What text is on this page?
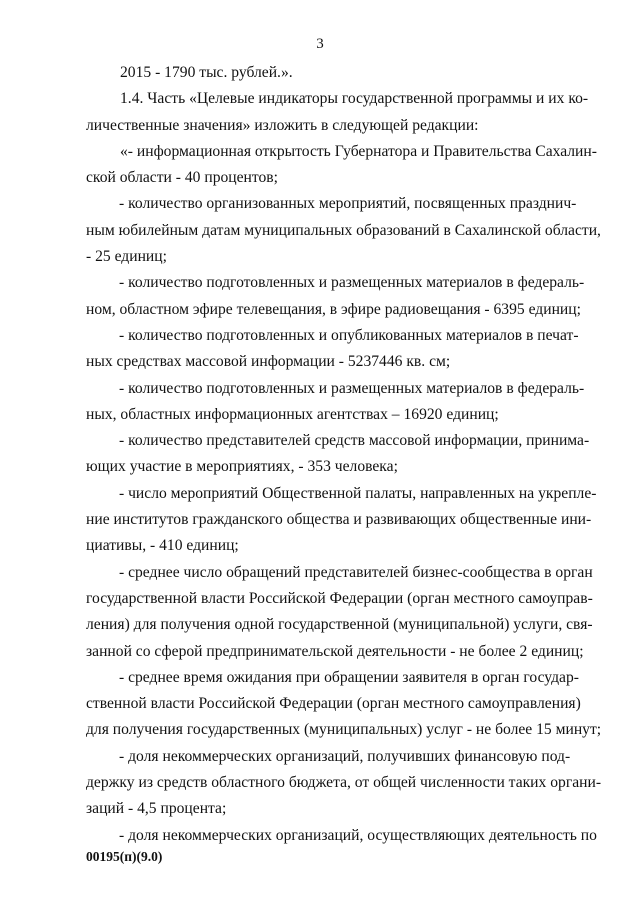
3
2015 - 1790 тыс. рублей.».
1.4. Часть «Целевые индикаторы государственной программы и их ко-
личественные значения» изложить в следующей редакции:
«- информационная открытость Губернатора и Правительства Сахалин-
ской области - 40 процентов;
- количество организованных мероприятий, посвященных празднич-
ным юбилейным датам муниципальных образований в Сахалинской области,
- 25 единиц;
- количество подготовленных и размещенных материалов в федераль-
ном, областном эфире телевещания, в эфире радиовещания - 6395 единиц;
- количество подготовленных и опубликованных материалов в печат-
ных средствах массовой информации - 5237446 кв. см;
- количество подготовленных и размещенных материалов в федераль-
ных, областных информационных агентствах – 16920 единиц;
- количество представителей средств массовой информации, принима-
ющих участие в мероприятиях, - 353 человека;
- число мероприятий Общественной палаты, направленных на укрепле-
ние институтов гражданского общества и развивающих общественные ини-
циативы, - 410 единиц;
- среднее число обращений представителей бизнес-сообщества в орган
государственной власти Российской Федерации (орган местного самоуправ-
ления) для получения одной государственной (муниципальной) услуги, свя-
занной со сферой предпринимательской деятельности - не более 2 единиц;
- среднее время ожидания при обращении заявителя в орган государ-
ственной власти Российской Федерации (орган местного самоуправления)
для получения государственных (муниципальных) услуг - не более 15 минут;
- доля некоммерческих организаций, получивших финансовую под-
держку из средств областного бюджета, от общей численности таких органи-
заций - 4,5 процента;
- доля некоммерческих организаций, осуществляющих деятельность по
00195(п)(9.0)
